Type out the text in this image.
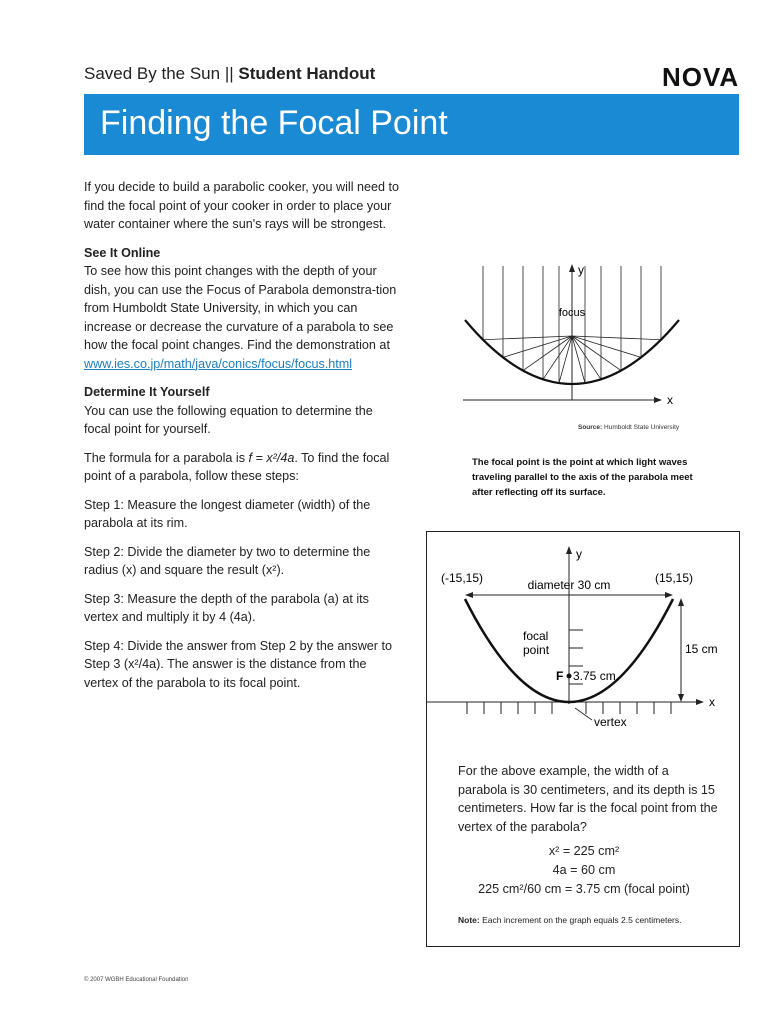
Saved By the Sun || Student Handout	NOVA
Finding the Focal Point

If you decide to build a parabolic cooker, you will need to find the focal point of your cooker in order to place your water container where the sun's rays will be strongest.

See It Online

To see how this point changes with the depth of your dish, you can use the Focus of Parabola demonstra-tion from Humboldt State University, in which you can increase or decrease the curvature of a parabola to see how the focal point changes. Find the demonstration at
www.ies.co.jp/math/java/conics/focus/focus.html

Determine It Yourself

You can use the following equation to determine the focal point for yourself.

The formula for a parabola is f = x²/4a. To find the focal point of a parabola, follow these steps:

Step 1: Measure the longest diameter (width) of the parabola at its rim.

Step 2: Divide the diameter by two to determine the radius (x) and square the result (x²).

Step 3: Measure the depth of the parabola (a) at its vertex and multiply it by 4 (4a).

Step 4: Divide the answer from Step 2 by the answer to Step 3 (x²/4a). The answer is the distance from the vertex of the parabola to its focal point.

y
x
focus
Source: Humboldt State University
The focal point is the point at which light waves traveling parallel to the axis of the parabola meet after reflecting off its surface.
(-15,15)	(15,15)
diameter 30 cm
15 cm
focal
point
F 3.75 cm
vertex
y
x
For the above example, the width of a parabola is 30 centimeters, and its depth is 15 centimeters. How far is the focal point from the vertex of the parabola?
x² = 225 cm²
4a = 60 cm
225 cm²/60 cm = 3.75 cm (focal point)
Note: Each increment on the graph equals 2.5 centimeters.
© 2007 WGBH Educational Foundation
